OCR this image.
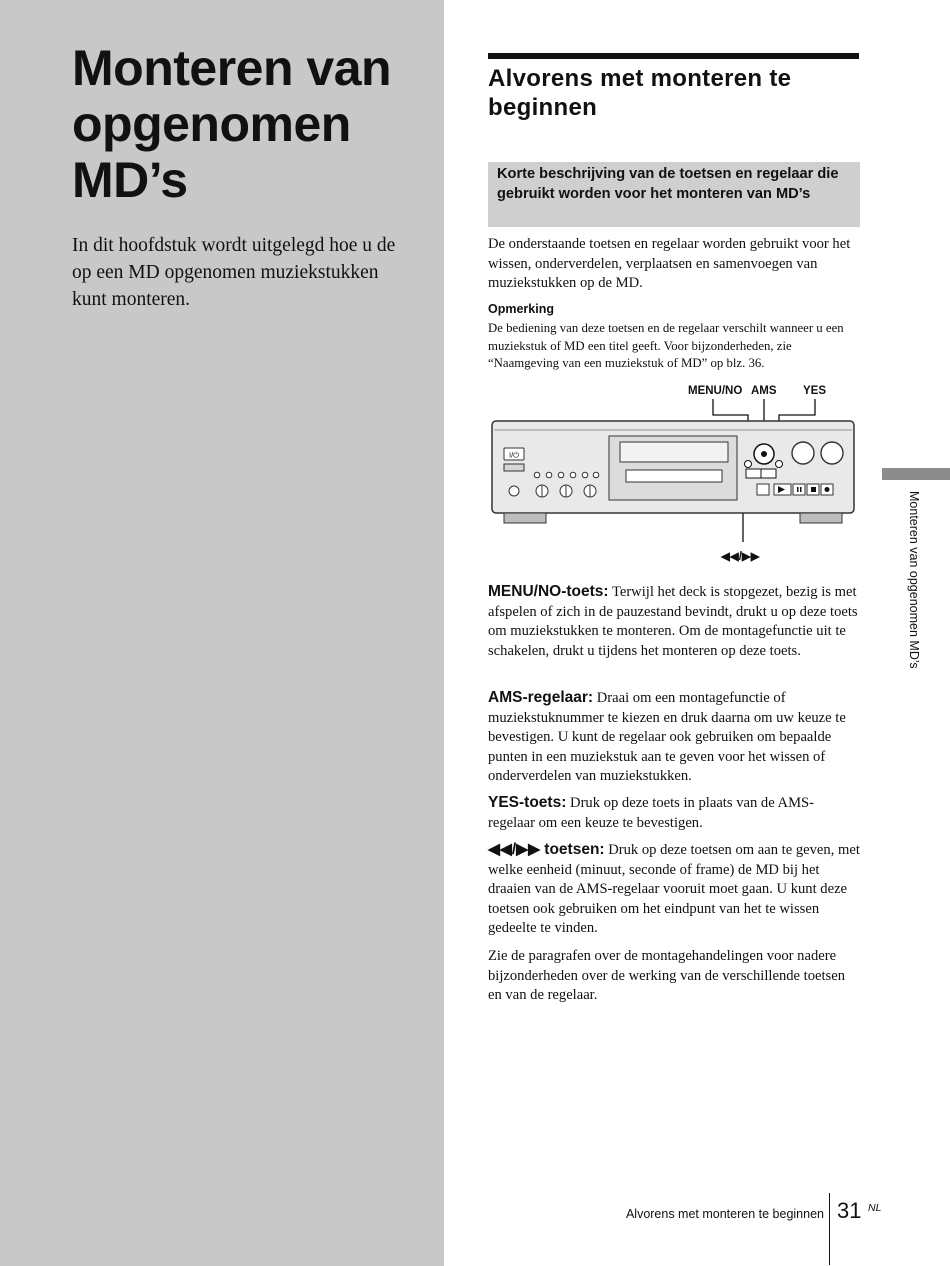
Monteren van opgenomen MD’s

In dit hoofdstuk wordt uitgelegd hoe u de op een MD opgenomen muziekstukken kunt monteren.

Alvorens met monteren te beginnen
Korte beschrijving van de toetsen en regelaar die gebruikt worden voor het monteren van MD’s

De onderstaande toetsen en regelaar worden gebruikt voor het wissen, onderverdelen, verplaatsen en samenvoegen van muziekstukken op de MD.

Opmerking

De bediening van deze toetsen en de regelaar verschilt wanneer u een muziekstuk of MD een titel geeft. Voor bijzonderheden, zie “Naamgeving van een muziekstuk of MD” op blz. 36.

MENU/NO AMS YES
◀◀/▶▶
I/⏻

MENU/NO-toets: Terwijl het deck is stopgezet, bezig is met afspelen of zich in de pauzestand bevindt, drukt u op deze toets om muziekstukken te monteren. Om de montagefunctie uit te schakelen, drukt u tijdens het monteren op deze toets.

AMS-regelaar: Draai om een montagefunctie of muziekstuknummer te kiezen en druk daarna om uw keuze te bevestigen. U kunt de regelaar ook gebruiken om bepaalde punten in een muziekstuk aan te geven voor het wissen of onderverdelen van muziekstukken.

YES-toets: Druk op deze toets in plaats van de AMS-regelaar om een keuze te bevestigen.

◀◀/▶▶ toetsen: Druk op deze toetsen om aan te geven, met welke eenheid (minuut, seconde of frame) de MD bij het draaien van de AMS-regelaar vooruit moet gaan. U kunt deze toetsen ook gebruiken om het eindpunt van het te wissen gedeelte te vinden.

Zie de paragrafen over de montagehandelingen voor nadere bijzonderheden over de werking van de verschillende toetsen en van de regelaar.

Monteren van opgenomen MD’s
Alvorens met monteren te beginnen 31 NL
